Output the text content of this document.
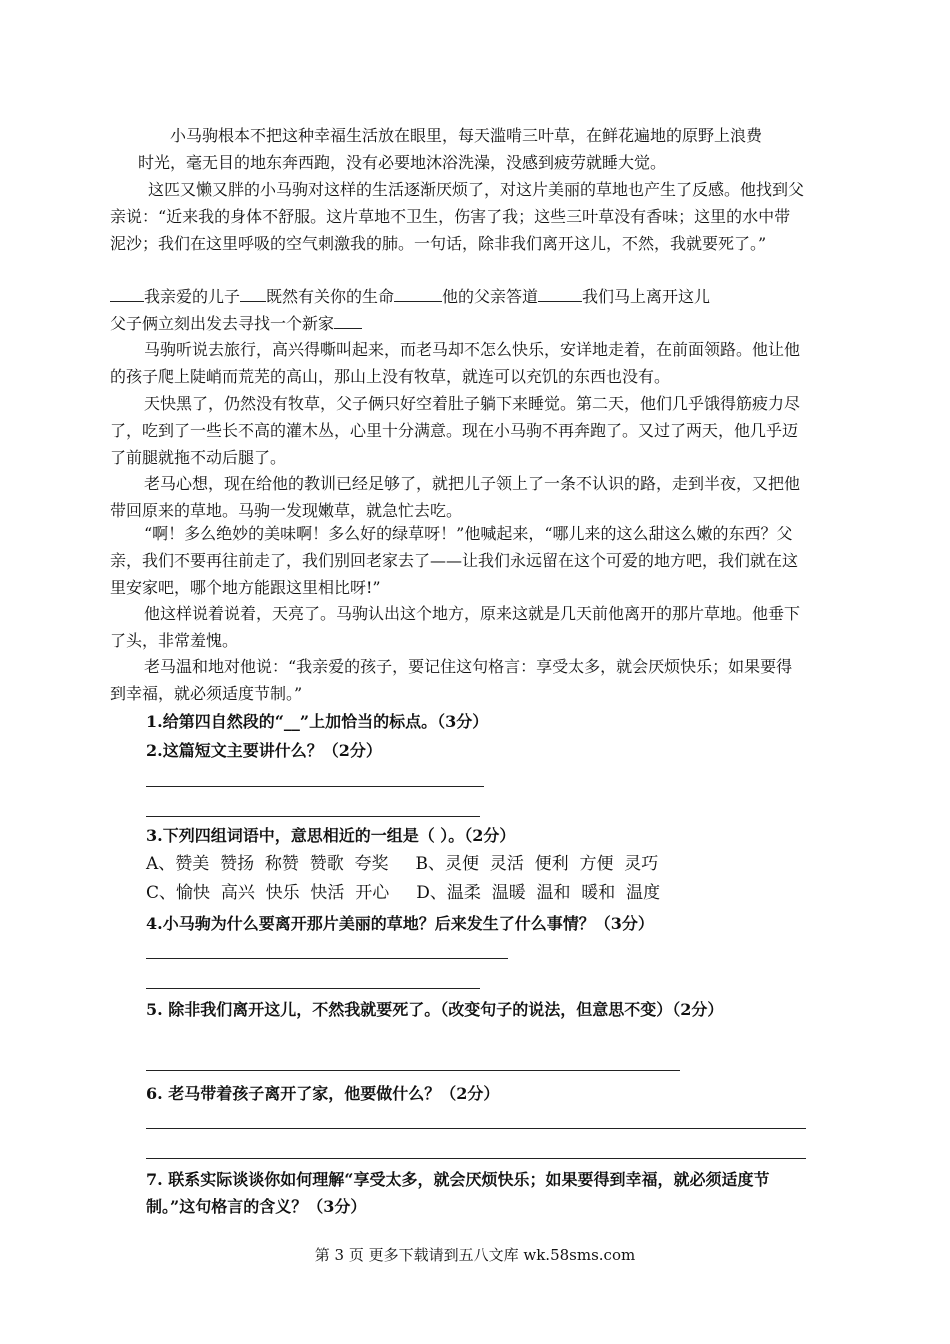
小马驹根本不把这种幸福生活放在眼里，每天滥啃三叶草，在鲜花遍地的原野上浪费
时光，毫无目的地东奔西跑，没有必要地沐浴洗澡，没感到疲劳就睡大觉。

这匹又懒又胖的小马驹对这样的生活逐渐厌烦了，对这片美丽的草地也产生了反感。他找到父亲说：“近来我的身体不舒服。这片草地不卫生，伤害了我；这些三叶草没有香味；这里的水中带泥沙；我们在这里呼吸的空气刺激我的肺。一句话，除非我们离开这儿，不然，我就要死了。”

我亲爱的儿子 既然有关你的生命	他的父亲答道	我们马上离开这儿
父子俩立刻出发去寻找一个新家

马驹听说去旅行，高兴得嘶叫起来，而老马却不怎么快乐，安详地走着，在前面领路。他让他的孩子爬上陡峭而荒芜的高山，那山上没有牧草，就连可以充饥的东西也没有。

天快黑了，仍然没有牧草，父子俩只好空着肚子躺下来睡觉。第二天，他们几乎饿得筋疲力尽了，吃到了一些长不高的灌木丛，心里十分满意。现在小马驹不再奔跑了。又过了两天，他几乎迈了前腿就拖不动后腿了。

老马心想，现在给他的教训已经足够了，就把儿子领上了一条不认识的路，走到半夜，又把他带回原来的草地。马驹一发现嫩草，就急忙去吃。

“啊！多么绝妙的美味啊！多么好的绿草呀！”他喊起来，“哪儿来的这么甜这么嫩的东西？父亲，我们不要再往前走了，我们别回老家去了——让我们永远留在这个可爱的地方吧，我们就在这里安家吧，哪个地方能跟这里相比呀!”

他这样说着说着，天亮了。马驹认出这个地方，原来这就是几天前他离开的那片草地。他垂下了头，非常羞愧。

老马温和地对他说：“我亲爱的孩子，要记住这句格言：享受太多，就会厌烦快乐；如果要得到幸福，就必须适度节制。”

1.给第四自然段的“__”上加恰当的标点。（3分）

2.这篇短文主要讲什么？（2分）

3.下列四组词语中，意思相近的一组是（ ）。（2分）

A、赞美  赞扬  称赞  赞歌  夸奖     B、灵便  灵活  便利  方便  灵巧

C、愉快  高兴  快乐  快活  开心     D、温柔  温暖  温和  暖和  温度

4.小马驹为什么要离开那片美丽的草地？后来发生了什么事情？（3分）

5. 除非我们离开这儿，不然我就要死了。（改变句子的说法，但意思不变）（2分）

6. 老马带着孩子离开了家，他要做什么？（2分）

7. 联系实际谈谈你如何理解“享受太多，就会厌烦快乐；如果要得到幸福，就必须适度节制。”这句格言的含义？（3分）

第 3 页 更多下载请到五八文库 wk.58sms.com
